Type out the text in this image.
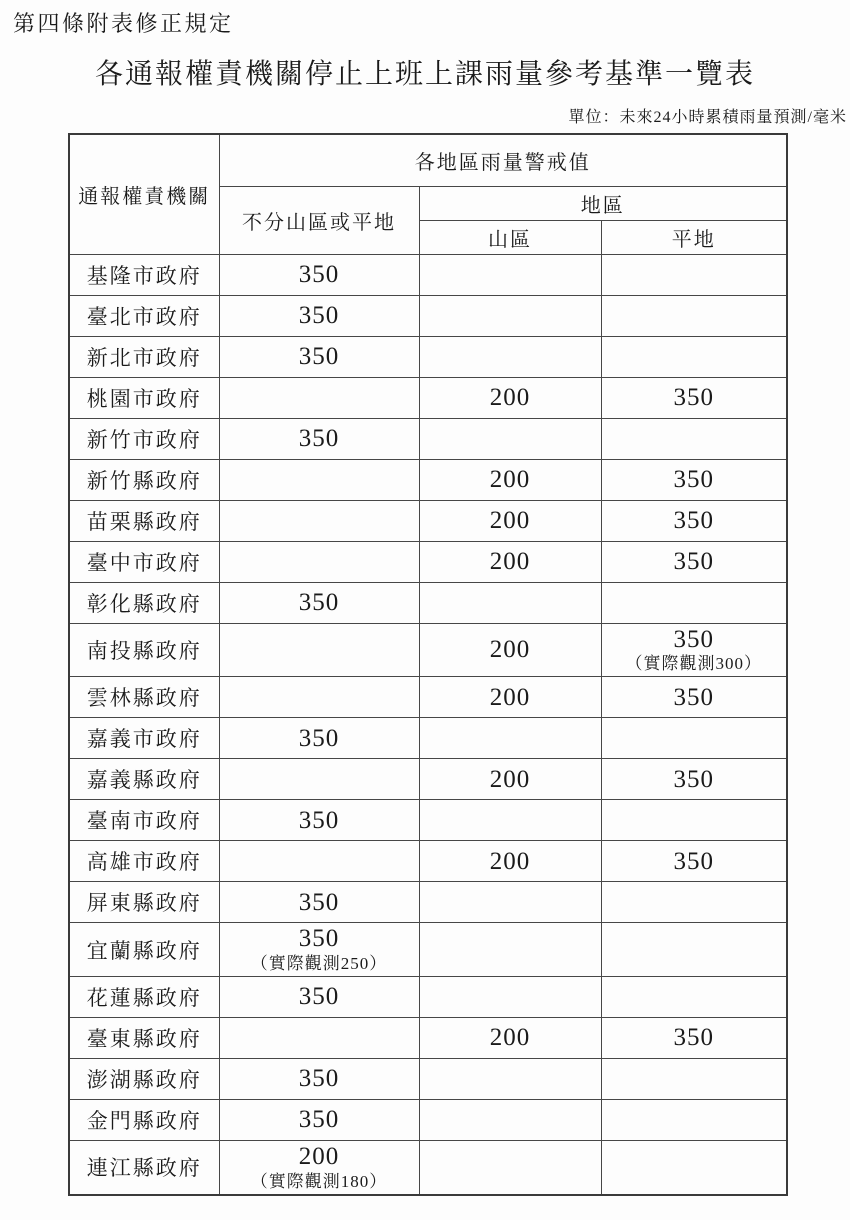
第四條附表修正規定
各通報權責機關停止上班上課雨量參考基準一覽表
單位：未來24小時累積雨量預測/毫米
通報權責機關	各地區雨量警戒值		
	不分山區或平地	地區	
		山區	平地
基隆市政府	350		

臺北市政府	350		

新北市政府	350		

桃園市政府		200	350

新竹市政府	350		

新竹縣政府		200	350

苗栗縣政府		200	350

臺中市政府		200	350

彰化縣政府	350		

南投縣政府		200	350
（實際觀測300）

雲林縣政府		200	350

嘉義市政府	350		

嘉義縣政府		200	350

臺南市政府	350		

高雄市政府		200	350

屏東縣政府	350		

宜蘭縣政府	350
（實際觀測250）		

花蓮縣政府	350		

臺東縣政府		200	350

澎湖縣政府	350		

金門縣政府	350		

連江縣政府	200
（實際觀測180）		
